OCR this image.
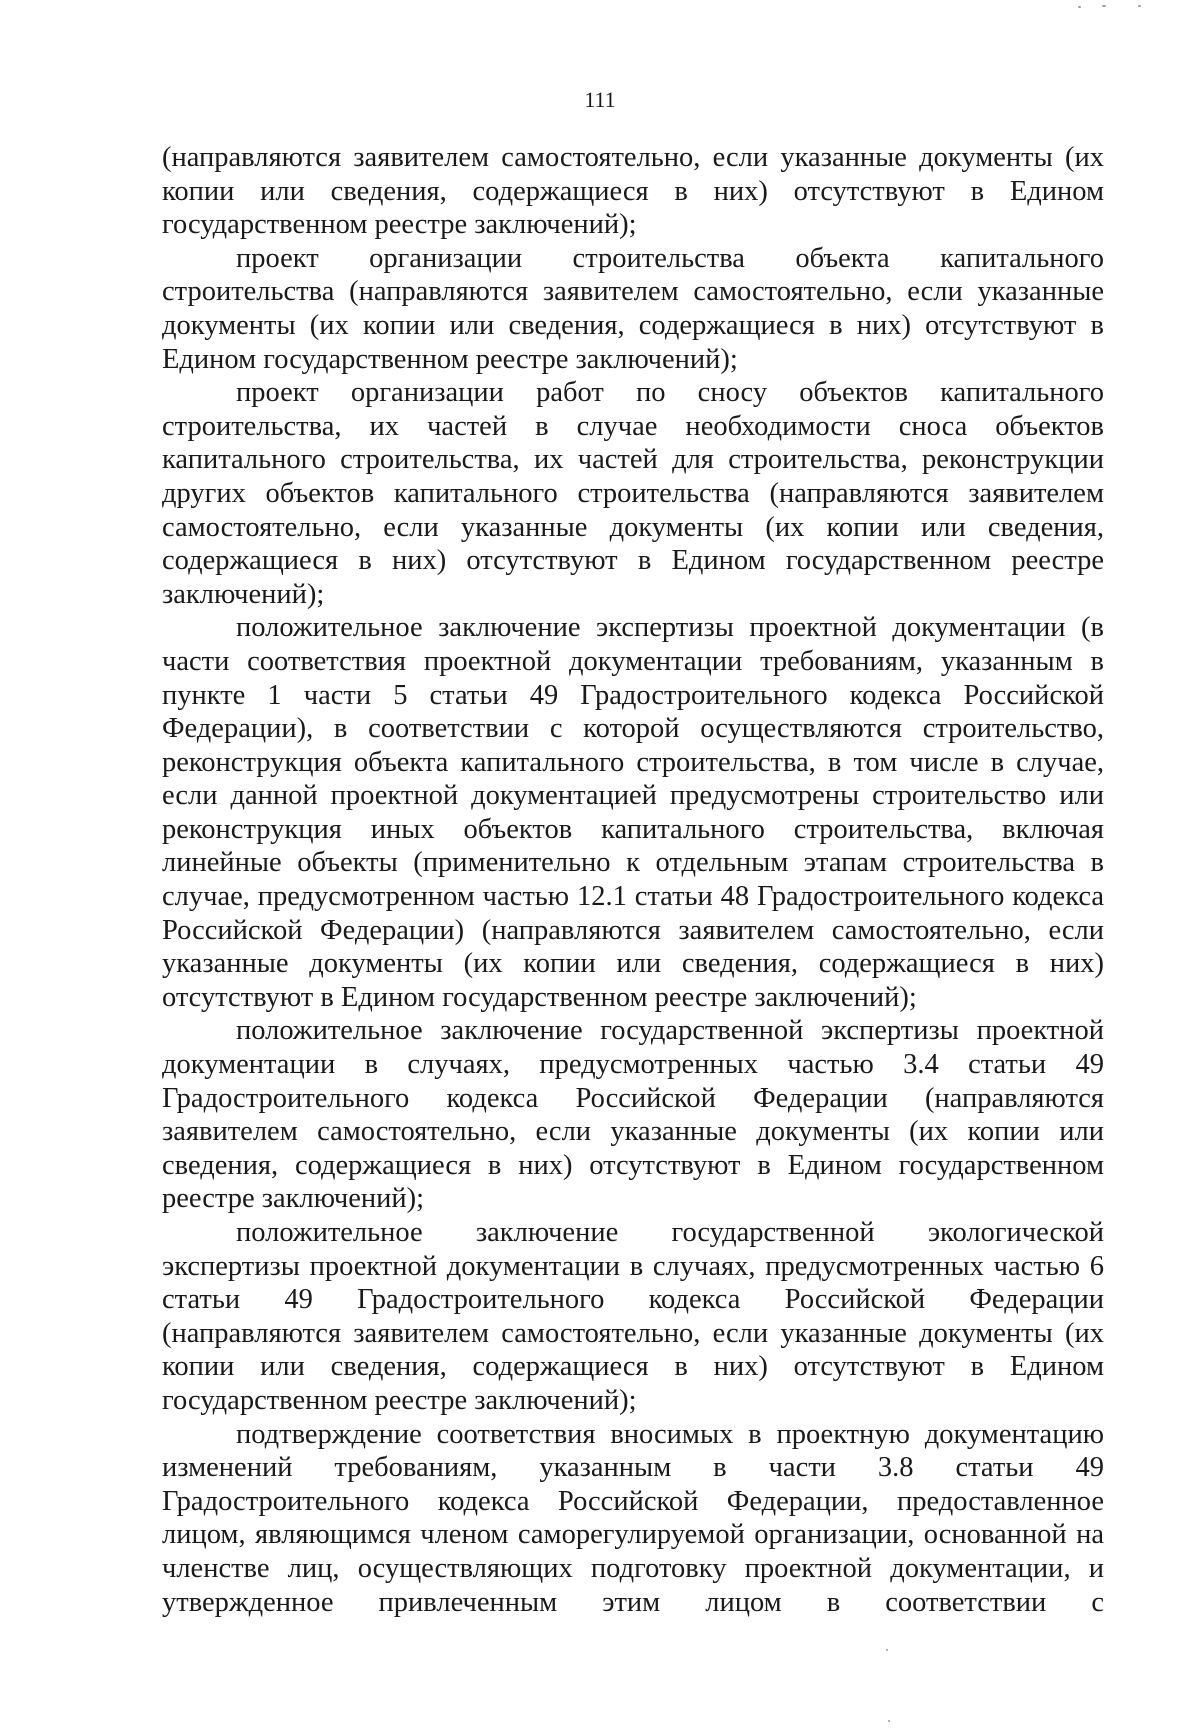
111

(направляются заявителем самостоятельно, если указанные документы (их копии или сведения, содержащиеся в них) отсутствуют в Едином государственном реестре заключений);

проект организации строительства объекта капитального строительства (направляются заявителем самостоятельно, если указанные документы (их копии или сведения, содержащиеся в них) отсутствуют в Едином государственном реестре заключений);

проект организации работ по сносу объектов капитального строительства, их частей в случае необходимости сноса объектов капитального строительства, их частей для строительства, реконструкции других объектов капитального строительства (направляются заявителем самостоятельно, если указанные документы (их копии или сведения, содержащиеся в них) отсутствуют в Едином государственном реестре заключений);

положительное заключение экспертизы проектной документации (в части соответствия проектной документации требованиям, указанным в пункте 1 части 5 статьи 49 Градостроительного кодекса Российской Федерации), в соответствии с которой осуществляются строительство, реконструкция объекта капитального строительства, в том числе в случае, если данной проектной документацией предусмотрены строительство или реконструкция иных объектов капитального строительства, включая линейные объекты (применительно к отдельным этапам строительства в случае, предусмотренном частью 12.1 статьи 48 Градостроительного кодекса Российской Федерации) (направляются заявителем самостоятельно, если указанные документы (их копии или сведения, содержащиеся в них) отсутствуют в Едином государственном реестре заключений);

положительное заключение государственной экспертизы проектной документации в случаях, предусмотренных частью 3.4 статьи 49 Градостроительного кодекса Российской Федерации (направляются заявителем самостоятельно, если указанные документы (их копии или сведения, содержащиеся в них) отсутствуют в Едином государственном реестре заключений);

положительное заключение государственной экологической экспертизы проектной документации в случаях, предусмотренных частью 6 статьи 49 Градостроительного кодекса Российской Федерации (направляются заявителем самостоятельно, если указанные документы (их копии или сведения, содержащиеся в них) отсутствуют в Едином государственном реестре заключений);

подтверждение соответствия вносимых в проектную документацию изменений требованиям, указанным в части 3.8 статьи 49 Градостроительного кодекса Российской Федерации, предоставленное лицом, являющимся членом саморегулируемой организации, основанной на членстве лиц, осуществляющих подготовку проектной документации, и утвержденное привлеченным этим лицом в соответствии с
